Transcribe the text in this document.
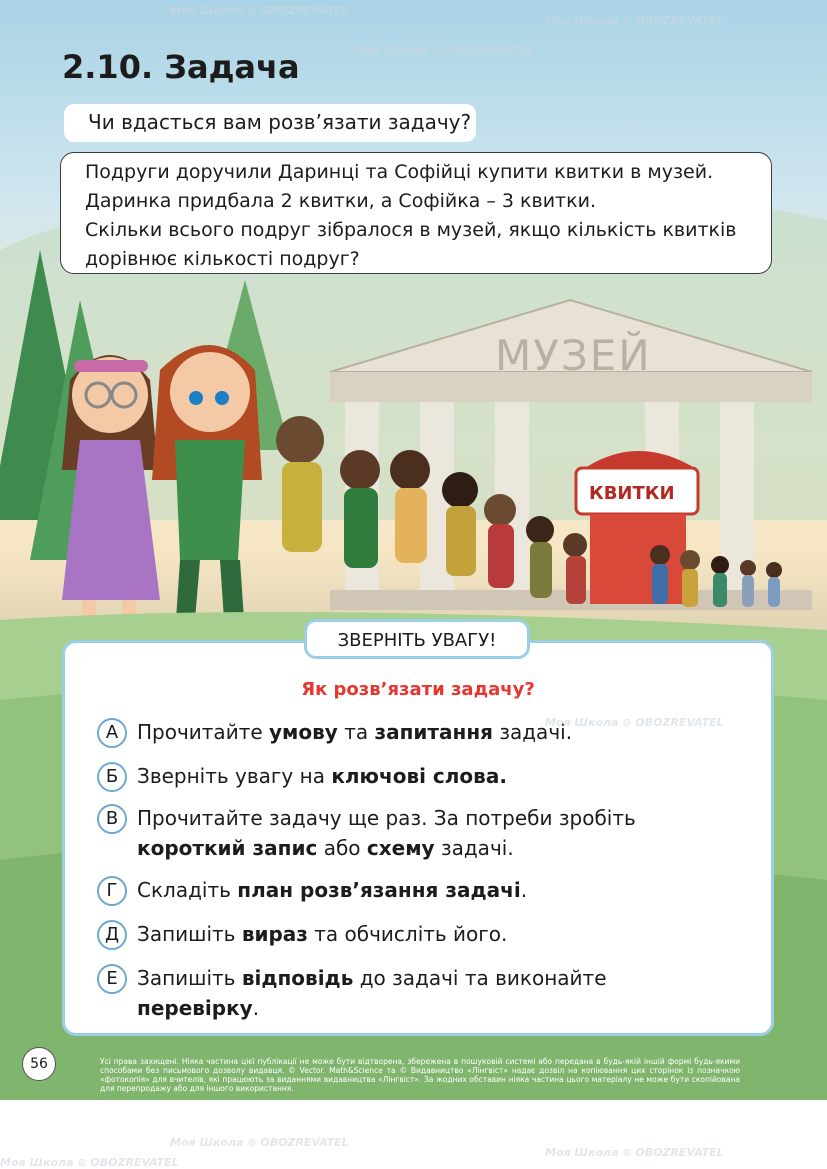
МУЗЕЙ
КВИТКИ
2.10. Задача
Чи вдасться вам розв’язати задачу?
Подруги доручили Даринці та Софійці купити квитки в музей.
Даринка придбала 2 квитки, а Софійка – 3 квитки.
Скільки всього подруг зібралося в музей, якщо кількість квитків
дорівнює кількості подруг?
Як розв’язати задачу?
А Прочитайте умову та запитання задачі.
Б Зверніть увагу на ключові слова.
В Прочитайте задачу ще раз. За потреби зробіть
короткий запис або схему задачі.
Г Складіть план розв’язання задачі.
Д Запишіть вираз та обчисліть його.
Е Запишіть відповідь до задачі та виконайте
перевірку.
ЗВЕРНІТЬ УВАГУ!
56	Усі права захищені. Ніяка частина цієї публікації не може бути відтворена, збережена в пошуковій системі або передана в будь-якій іншій формі будь-якими способами без письмового дозволу видавця. © Vector. Math&Science та © Видавництво «Лінгвіст» надає дозвіл на копіювання цих сторінок із позначкою «фотокопія» для вчителів, які працюють за виданнями видавництва «Лінгвіст». За жодних обставин ніяка частина цього матеріалу не може бути скопійована для перепродажу або для іншого використання.
Моя Школа ⊙ OBOZREVATEL
Моя Школа ⊙ OBOZREVATEL
Моя Школа ⊙ OBOZREVATEL
Моя Школа ⊙ OBOZREVATEL
Моя Школа ⊙ OBOZREVATEL
Моя Школа ⊙ OBOZREVATEL
Моя Школа ⊙ OBOZREVATEL
